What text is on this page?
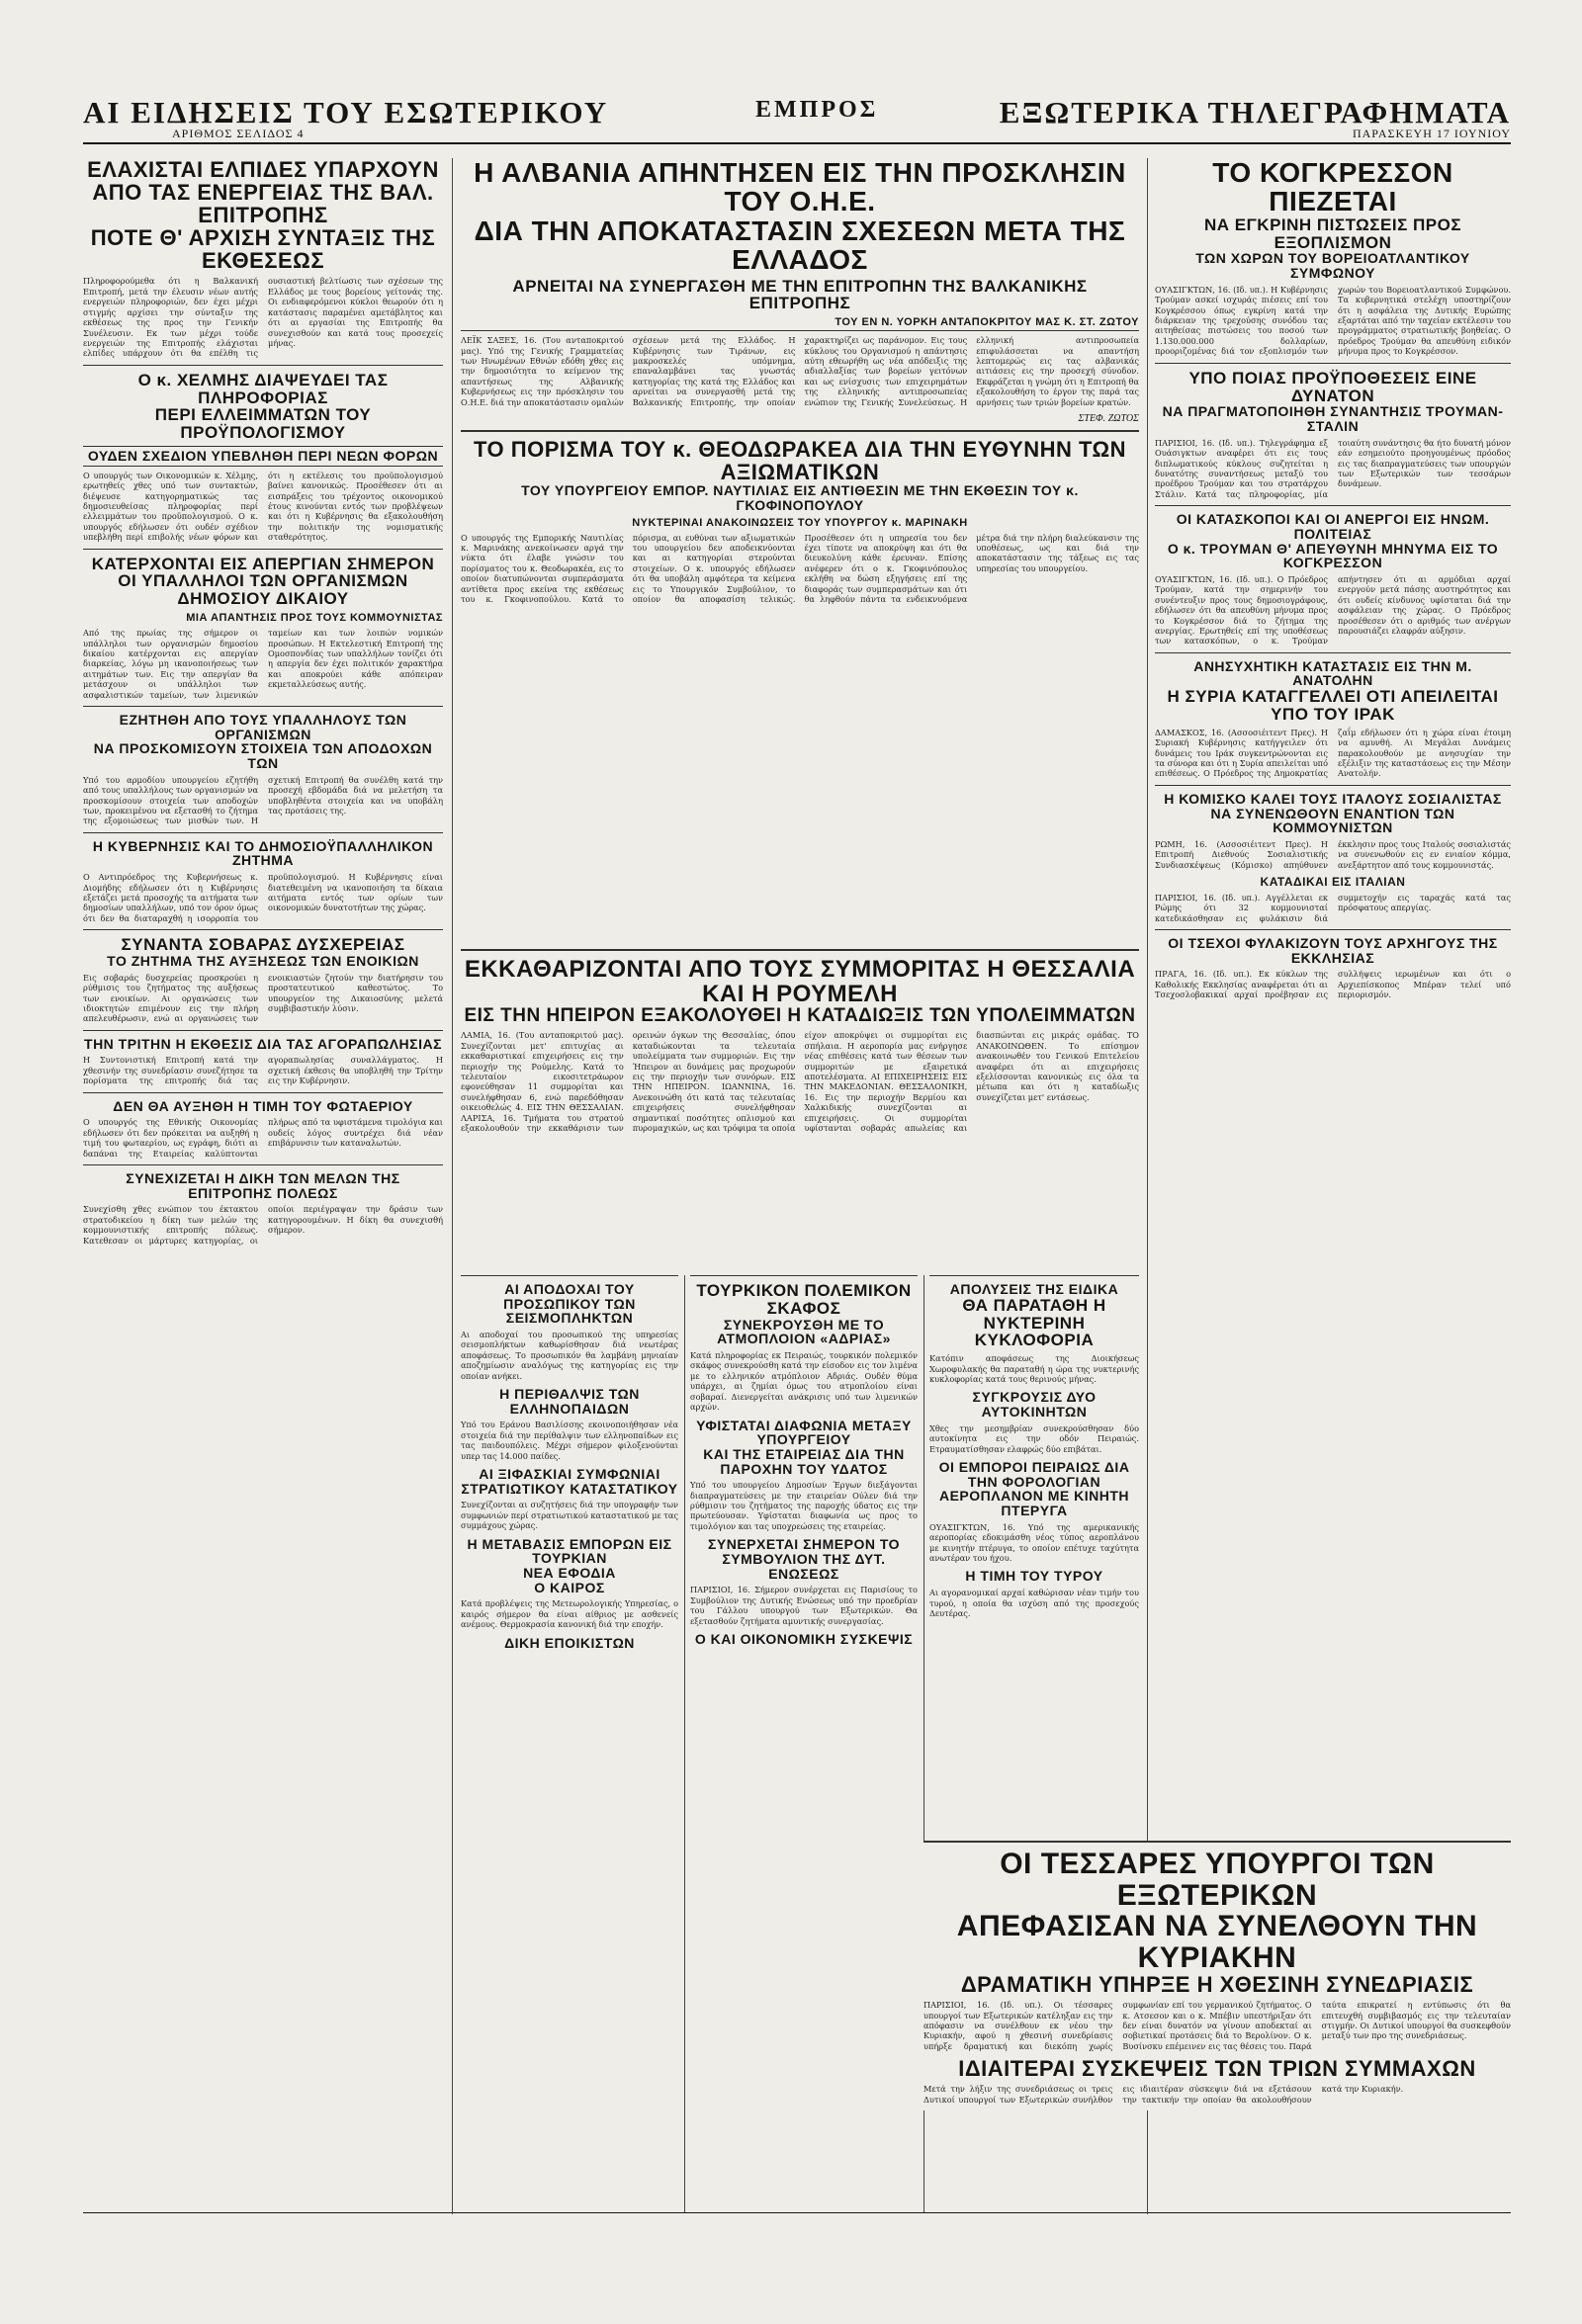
ΑΙ ΕΙΔΗΣΕΙΣ ΤΟΥ ΕΣΩΤΕΡΙΚΟΥ
ΑΡΙΘΜΟΣ ΣΕΛΙΔΟΣ 4
ΕΜΠΡΟΣ	ΕΞΩΤΕΡΙΚΑ ΤΗΛΕΓΡΑΦΗΜΑΤΑ
ΠΑΡΑΣΚΕΥΗ 17 ΙΟΥΝΙΟΥ

ΕΛΑΧΙΣΤΑΙ ΕΛΠΙΔΕΣ ΥΠΑΡΧΟΥΝ

ΑΠΟ ΤΑΣ ΕΝΕΡΓΕΙΑΣ ΤΗΣ ΒΑΛ. ΕΠΙΤΡΟΠΗΣ

ΠΟΤΕ Θ' ΑΡΧΙΣΗ ΣΥΝΤΑΞΙΣ ΤΗΣ ΕΚΘΕΣΕΩΣ

Πληροφορούμεθα ότι η Βαλκανική Επιτροπή, μετά την έλευσιν νέων αυτής ενεργειών πληροφοριών, δεν έχει μέχρι στιγμής αρχίσει την σύνταξιν της εκθέσεως της προς την Γενικήν Συνέλευσιν. Εκ των μέχρι τούδε ενεργειών της Επιτροπής ελάχισται ελπίδες υπάρχουν ότι θα επέλθη τις ουσιαστική βελτίωσις των σχέσεων της Ελλάδος με τους βορείους γείτονάς της. Οι ενδιαφερόμενοι κύκλοι θεωρούν ότι η κατάστασις παραμένει αμετάβλητος και ότι αι εργασίαι της Επιτροπής θα συνεχισθούν και κατά τους προσεχείς μήνας.

Ο κ. ΧΕΛΜΗΣ ΔΙΑΨΕΥΔΕΙ ΤΑΣ ΠΛΗΡΟΦΟΡΙΑΣ

ΠΕΡΙ ΕΛΛΕΙΜΜΑΤΩΝ ΤΟΥ ΠΡΟΫΠΟΛΟΓΙΣΜΟΥ

ΟΥΔΕΝ ΣΧΕΔΙΟΝ ΥΠΕΒΛΗΘΗ ΠΕΡΙ ΝΕΩΝ ΦΟΡΩΝ

Ο υπουργός των Οικονομικών κ. Χέλμης, ερωτηθείς χθες υπό των συντακτών, διέψευσε κατηγορηματικώς τας δημοσιευθείσας πληροφορίας περί ελλειμμάτων του προϋπολογισμού. Ο κ. υπουργός εδήλωσεν ότι ουδέν σχέδιον υπεβλήθη περί επιβολής νέων φόρων και ότι η εκτέλεσις του προϋπολογισμού βαίνει κανονικώς. Προσέθεσεν ότι αι εισπράξεις του τρέχοντος οικονομικού έτους κινούνται εντός των προβλέψεων και ότι η Κυβέρνησις θα εξακολουθήση την πολιτικήν της νομισματικής σταθερότητος.

ΚΑΤΕΡΧΟΝΤΑΙ ΕΙΣ ΑΠΕΡΓΙΑΝ ΣΗΜΕΡΟΝ

ΟΙ ΥΠΑΛΛΗΛΟΙ ΤΩΝ ΟΡΓΑΝΙΣΜΩΝ ΔΗΜΟΣΙΟΥ ΔΙΚΑΙΟΥ

ΜΙΑ ΑΠΑΝΤΗΣΙΣ ΠΡΟΣ ΤΟΥΣ ΚΟΜΜΟΥΝΙΣΤΑΣ
Από της πρωίας της σήμερον οι υπάλληλοι των οργανισμών δημοσίου δικαίου κατέρχονται εις απεργίαν διαρκείας, λόγω μη ικανοποιήσεως των αιτημάτων των. Εις την απεργίαν θα μετάσχουν οι υπάλληλοι των ασφαλιστικών ταμείων, των λιμενικών ταμείων και των λοιπών νομικών προσώπων. Η Εκτελεστική Επιτροπή της Ομοσπονδίας των υπαλλήλων τονίζει ότι η απεργία δεν έχει πολιτικόν χαρακτήρα και αποκρούει κάθε απόπειραν εκμεταλλεύσεως αυτής.

ΕΖΗΤΗΘΗ ΑΠΟ ΤΟΥΣ ΥΠΑΛΛΗΛΟΥΣ ΤΩΝ ΟΡΓΑΝΙΣΜΩΝ

ΝΑ ΠΡΟΣΚΟΜΙΣΟΥΝ ΣΤΟΙΧΕΙΑ ΤΩΝ ΑΠΟΔΟΧΩΝ ΤΩΝ

Υπό του αρμοδίου υπουργείου εζητήθη από τους υπαλλήλους των οργανισμών να προσκομίσουν στοιχεία των αποδοχών των, προκειμένου να εξετασθή το ζήτημα της εξομοιώσεως των μισθών των. Η σχετική Επιτροπή θα συνέλθη κατά την προσεχή εβδομάδα διά να μελετήση τα υποβληθέντα στοιχεία και να υποβάλη τας προτάσεις της.

Η ΚΥΒΕΡΝΗΣΙΣ ΚΑΙ ΤΟ ΔΗΜΟΣΙΟΫΠΑΛΛΗΛΙΚΟΝ ΖΗΤΗΜΑ

Ο Αντιπρόεδρος της Κυβερνήσεως κ. Διομήδης εδήλωσεν ότι η Κυβέρνησις εξετάζει μετά προσοχής τα αιτήματα των δημοσίων υπαλλήλων, υπό τον όρον όμως ότι δεν θα διαταραχθή η ισορροπία του προϋπολογισμού. Η Κυβέρνησις είναι διατεθειμένη να ικανοποιήση τα δίκαια αιτήματα εντός των ορίων των οικονομικών δυνατοτήτων της χώρας.

ΣΥΝΑΝΤΑ ΣΟΒΑΡΑΣ ΔΥΣΧΕΡΕΙΑΣ

ΤΟ ΖΗΤΗΜΑ ΤΗΣ ΑΥΞΗΣΕΩΣ ΤΩΝ ΕΝΟΙΚΙΩΝ

Εις σοβαράς δυσχερείας προσκρούει η ρύθμισις του ζητήματος της αυξήσεως των ενοικίων. Αι οργανώσεις των ιδιοκτητών επιμένουν εις την πλήρη απελευθέρωσιν, ενώ αι οργανώσεις των ενοικιαστών ζητούν την διατήρησιν του προστατευτικού καθεστώτος. Το υπουργείον της Δικαιοσύνης μελετά συμβιβαστικήν λύσιν.

ΤΗΝ ΤΡΙΤΗΝ Η ΕΚΘΕΣΙΣ ΔΙΑ ΤΑΣ ΑΓΟΡΑΠΩΛΗΣΙΑΣ

Η Συντονιστική Επιτροπή κατά την χθεσινήν της συνεδρίασιν συνεζήτησε τα πορίσματα της επιτροπής διά τας αγοραπωλησίας συναλλάγματος. Η σχετική έκθεσις θα υποβληθή την Τρίτην εις την Κυβέρνησιν.

ΔΕΝ ΘΑ ΑΥΞΗΘΗ Η ΤΙΜΗ ΤΟΥ ΦΩΤΑΕΡΙΟΥ

Ο υπουργός της Εθνικής Οικονομίας εδήλωσεν ότι δεν πρόκειται να αυξηθή η τιμή του φωταερίου, ως εγράφη, διότι αι δαπάναι της Εταιρείας καλύπτονται πλήρως από τα υφιστάμενα τιμολόγια και ουδείς λόγος συντρέχει διά νέαν επιβάρυνσιν των καταναλωτών.

ΣΥΝΕΧΙΖΕΤΑΙ Η ΔΙΚΗ ΤΩΝ ΜΕΛΩΝ ΤΗΣ ΕΠΙΤΡΟΠΗΣ ΠΟΛΕΩΣ

Συνεχίσθη χθες ενώπιον του έκτακτου στρατοδικείου η δίκη των μελών της κομμουνιστικής επιτροπής πόλεως. Κατεθεσαν οι μάρτυρες κατηγορίας, οι οποίοι περιέγραψαν την δράσιν των κατηγορουμένων. Η δίκη θα συνεχισθή σήμερον.

Η ΑΛΒΑΝΙΑ ΑΠΗΝΤΗΣΕΝ ΕΙΣ ΤΗΝ ΠΡΟΣΚΛΗΣΙΝ ΤΟΥ Ο.Η.Ε.

ΔΙΑ ΤΗΝ ΑΠΟΚΑΤΑΣΤΑΣΙΝ ΣΧΕΣΕΩΝ ΜΕΤΑ ΤΗΣ ΕΛΛΑΔΟΣ

ΑΡΝΕΙΤΑΙ ΝΑ ΣΥΝΕΡΓΑΣΘΗ ΜΕ ΤΗΝ ΕΠΙΤΡΟΠΗΝ ΤΗΣ ΒΑΛΚΑΝΙΚΗΣ ΕΠΙΤΡΟΠΗΣ

ΤΟΥ ΕΝ Ν. ΥΟΡΚΗ ΑΝΤΑΠΟΚΡΙΤΟΥ ΜΑΣ Κ. ΣΤ. ΖΩΤΟΥ
ΛΕΪΚ ΣΑΞΕΣ, 16. (Του ανταποκριτού μας). Υπό της Γενικής Γραμματείας των Ηνωμένων Εθνών εδόθη χθες εις την δημοσιότητα το κείμενον της απαντήσεως της Αλβανικής Κυβερνήσεως εις την πρόσκλησιν του Ο.Η.Ε. διά την αποκατάστασιν ομαλών σχέσεων μετά της Ελλάδος. Η Κυβέρνησις των Τιράνων, εις μακροσκελές υπόμνημα, επαναλαμβάνει τας γνωστάς κατηγορίας της κατά της Ελλάδος και αρνείται να συνεργασθή μετά της Βαλκανικής Επιτροπής, την οποίαν χαρακτηρίζει ως παράνομον. Εις τους κύκλους του Οργανισμού η απάντησις αύτη εθεωρήθη ως νέα απόδειξις της αδιαλλαξίας των βορείων γειτόνων και ως ενίσχυσις των επιχειρημάτων της ελληνικής αντιπροσωπείας ενώπιον της Γενικής Συνελεύσεως. Η ελληνική αντιπροσωπεία επιφυλάσσεται να απαντήση λεπτομερώς εις τας αλβανικάς αιτιάσεις εις την προσεχή σύνοδον. Εκφράζεται η γνώμη ότι η Επιτροπή θα εξακολουθήση το έργον της παρά τας αρνήσεις των τριών βορείων κρατών.
ΣΤΕΦ. ΖΩΤΟΣ

ΤΟ ΠΟΡΙΣΜΑ ΤΟΥ κ. ΘΕΟΔΩΡΑΚΕΑ ΔΙΑ ΤΗΝ ΕΥΘΥΝΗΝ ΤΩΝ ΑΞΙΩΜΑΤΙΚΩΝ

ΤΟΥ ΥΠΟΥΡΓΕΙΟΥ ΕΜΠΟΡ. ΝΑΥΤΙΛΙΑΣ ΕΙΣ ΑΝΤΙΘΕΣΙΝ ΜΕ ΤΗΝ ΕΚΘΕΣΙΝ ΤΟΥ κ. ΓΚΟΦΙΝΟΠΟΥΛΟΥ

ΝΥΚΤΕΡΙΝΑΙ ΑΝΑΚΟΙΝΩΣΕΙΣ ΤΟΥ ΥΠΟΥΡΓΟΥ κ. ΜΑΡΙΝΑΚΗ
Ο υπουργός της Εμπορικής Ναυτιλίας κ. Μαρινάκης ανεκοίνωσεν αργά την νύκτα ότι έλαβε γνώσιν του πορίσματος του κ. Θεοδωρακέα, εις το οποίον διατυπώνονται συμπεράσματα αντίθετα προς εκείνα της εκθέσεως του κ. Γκοφινοπούλου. Κατά το πόρισμα, αι ευθύναι των αξιωματικών του υπουργείου δεν αποδεικνύονται και αι κατηγορίαι στερούνται στοιχείων. Ο κ. υπουργός εδήλωσεν ότι θα υποβάλη αμφότερα τα κείμενα εις το Υπουργικόν Συμβούλιον, το οποίον θα αποφασίση τελικώς. Προσέθεσεν ότι η υπηρεσία του δεν έχει τίποτε να αποκρύψη και ότι θα διευκολύνη κάθε έρευναν. Επίσης ανέφερεν ότι ο κ. Γκοφινόπουλος εκλήθη να δώση εξηγήσεις επί της διαφοράς των συμπερασμάτων και ότι θα ληφθούν πάντα τα ενδεικνυόμενα μέτρα διά την πλήρη διαλεύκανσιν της υποθέσεως, ως και διά την αποκατάστασιν της τάξεως εις τας υπηρεσίας του υπουργείου.

ΕΚΚΑΘΑΡΙΖΟΝΤΑΙ ΑΠΟ ΤΟΥΣ ΣΥΜΜΟΡΙΤΑΣ Η ΘΕΣΣΑΛΙΑ ΚΑΙ Η ΡΟΥΜΕΛΗ

ΕΙΣ ΤΗΝ ΗΠΕΙΡΟΝ ΕΞΑΚΟΛΟΥΘΕΙ Η ΚΑΤΑΔΙΩΞΙΣ ΤΩΝ ΥΠΟΛΕΙΜΜΑΤΩΝ

ΛΑΜΙΑ, 16. (Του ανταποκριτού μας). Συνεχίζονται μετ' επιτυχίας αι εκκαθαριστικαί επιχειρήσεις εις την περιοχήν της Ρούμελης. Κατά το τελευταίον εικοσιτετράωρον εφονεύθησαν 11 συμμορίται και συνελήφθησαν 6, ενώ παρεδόθησαν οικειοθελώς 4. ΕΙΣ ΤΗΝ ΘΕΣΣΑΛΙΑΝ. ΛΑΡΙΣΑ, 16. Τμήματα του στρατού εξακολουθούν την εκκαθάρισιν των ορεινών όγκων της Θεσσαλίας, όπου καταδιώκονται τα τελευταία υπολείμματα των συμμοριών. Εις την Ήπειρον αι δυνάμεις μας προχωρούν εις την περιοχήν των συνόρων. ΕΙΣ ΤΗΝ ΗΠΕΙΡΟΝ. ΙΩΑΝΝΙΝΑ, 16. Ανεκοινώθη ότι κατά τας τελευταίας επιχειρήσεις συνελήφθησαν σημαντικαί ποσότητες οπλισμού και πυρομαχικών, ως και τρόφιμα τα οποία είχον αποκρύψει οι συμμορίται εις σπήλαια. Η αεροπορία μας ενήργησε νέας επιθέσεις κατά των θέσεων των συμμοριτών με εξαιρετικά αποτελέσματα. ΑΙ ΕΠΙΧΕΙΡΗΣΕΙΣ ΕΙΣ ΤΗΝ ΜΑΚΕΔΟΝΙΑΝ. ΘΕΣΣΑΛΟΝΙΚΗ, 16. Εις την περιοχήν Βερμίου και Χαλκιδικής συνεχίζονται αι επιχειρήσεις. Οι συμμορίται υφίστανται σοβαράς απωλείας και διασπώνται εις μικράς ομάδας. ΤΟ ΑΝΑΚΟΙΝΩΘΕΝ. Το επίσημον ανακοινωθέν του Γενικού Επιτελείου αναφέρει ότι αι επιχειρήσεις εξελίσσονται κανονικώς εις όλα τα μέτωπα και ότι η καταδίωξις συνεχίζεται μετ' εντάσεως.

ΑΙ ΑΠΟΔΟΧΑΙ ΤΟΥ ΠΡΟΣΩΠΙΚΟΥ ΤΩΝ ΣΕΙΣΜΟΠΛΗΚΤΩΝ

Αι αποδοχαί του προσωπικού της υπηρεσίας σεισμοπλήκτων καθωρίσθησαν διά νεωτέρας αποφάσεως. Το προσωπικόν θα λαμβάνη μηνιαίαν αποζημίωσιν αναλόγως της κατηγορίας εις την οποίαν ανήκει.

Η ΠΕΡΙΘΑΛΨΙΣ ΤΩΝ ΕΛΛΗΝΟΠΑΙΔΩΝ

Υπό του Εράνου Βασιλίσσης εκοινοποιήθησαν νέα στοιχεία διά την περίθαλψιν των ελληνοπαίδων εις τας παιδουπόλεις. Μέχρι σήμερον φιλοξενούνται υπερ τας 14.000 παίδες.

ΑΙ ΞΙΦΑΣΚΙΑΙ ΣΥΜΦΩΝΙΑΙ ΣΤΡΑΤΙΩΤΙΚΟΥ ΚΑΤΑΣΤΑΤΙΚΟΥ

Συνεχίζονται αι συζητήσεις διά την υπογραφήν των συμφωνιών περί στρατιωτικού καταστατικού με τας συμμάχους χώρας.

Η ΜΕΤΑΒΑΣΙΣ ΕΜΠΟΡΩΝ ΕΙΣ ΤΟΥΡΚΙΑΝ

ΝΕΑ ΕΦΟΔΙΑ

Ο ΚΑΙΡΟΣ

Κατά προβλέψεις της Μετεωρολογικής Υπηρεσίας, ο καιρός σήμερον θα είναι αίθριος με ασθενείς ανέμους. Θερμοκρασία κανονική διά την εποχήν.

ΔΙΚΗ ΕΠΟΙΚΙΣΤΩΝ

ΤΟΥΡΚΙΚΟΝ ΠΟΛΕΜΙΚΟΝ ΣΚΑΦΟΣ

ΣΥΝΕΚΡΟΥΣΘΗ ΜΕ ΤΟ ΑΤΜΟΠΛΟΙΟΝ «ΑΔΡΙΑΣ»

Κατά πληροφορίας εκ Πειραιώς, τουρκικόν πολεμικόν σκάφος συνεκρούσθη κατά την είσοδον εις τον λιμένα με το ελληνικόν ατμόπλοιον Αδριάς. Ουδέν θύμα υπάρχει, αι ζημίαι όμως του ατμοπλοίου είναι σοβαραί. Διενεργείται ανάκρισις υπό των λιμενικών αρχών.

ΥΦΙΣΤΑΤΑΙ ΔΙΑΦΩΝΙΑ ΜΕΤΑΞΥ ΥΠΟΥΡΓΕΙΟΥ

ΚΑΙ ΤΗΣ ΕΤΑΙΡΕΙΑΣ ΔΙΑ ΤΗΝ ΠΑΡΟΧΗΝ ΤΟΥ ΥΔΑΤΟΣ

Υπό του υπουργείου Δημοσίων Έργων διεξάγονται διαπραγματεύσεις με την εταιρείαν Ούλεν διά την ρύθμισιν του ζητήματος της παροχής ύδατος εις την πρωτεύουσαν. Υφίσταται διαφωνία ως προς το τιμολόγιον και τας υποχρεώσεις της εταιρείας.

ΣΥΝΕΡΧΕΤΑΙ ΣΗΜΕΡΟΝ ΤΟ ΣΥΜΒΟΥΛΙΟΝ ΤΗΣ ΔΥΤ. ΕΝΩΣΕΩΣ

ΠΑΡΙΣΙΟΙ, 16. Σήμερον συνέρχεται εις Παρισίους το Συμβούλιον της Δυτικής Ενώσεως υπό την προεδρίαν του Γάλλου υπουργού των Εξωτερικών. Θα εξετασθούν ζητήματα αμυντικής συνεργασίας.

Ο ΚΑΙ ΟΙΚΟΝΟΜΙΚΗ ΣΥΣΚΕΨΙΣ

ΑΠΟΛΥΣΕΙΣ ΤΗΣ ΕΙΔΙΚΑ

ΘΑ ΠΑΡΑΤΑΘΗ Η ΝΥΚΤΕΡΙΝΗ ΚΥΚΛΟΦΟΡΙΑ

Κατόπιν αποφάσεως της Διοικήσεως Χωροφυλακής θα παραταθή η ώρα της νυκτερινής κυκλοφορίας κατά τους θερινούς μήνας.

ΣΥΓΚΡΟΥΣΙΣ ΔΥΟ ΑΥΤΟΚΙΝΗΤΩΝ

Χθες την μεσημβρίαν συνεκρούσθησαν δύο αυτοκίνητα εις την οδόν Πειραιώς. Ετραυματίσθησαν ελαφρώς δύο επιβάται.

ΟΙ ΕΜΠΟΡΟΙ ΠΕΙΡΑΙΩΣ ΔΙΑ ΤΗΝ ΦΟΡΟΛΟΓΙΑΝ

ΑΕΡΟΠΛΑΝΟΝ ΜΕ ΚΙΝΗΤΗ ΠΤΕΡΥΓΑ

ΟΥΑΣΙΓΚΤΩΝ, 16. Υπό της αμερικανικής αεροπορίας εδοκιμάσθη νέος τύπος αεροπλάνου με κινητήν πτέρυγα, το οποίον επέτυχε ταχύτητα ανωτέραν του ήχου.

Η ΤΙΜΗ ΤΟΥ ΤΥΡΟΥ

Αι αγορανομικαί αρχαί καθώρισαν νέαν τιμήν του τυρού, η οποία θα ισχύση από της προσεχούς Δευτέρας.

ΤΟ ΚΟΓΚΡΕΣΣΟΝ ΠΙΕΖΕΤΑΙ

ΝΑ ΕΓΚΡΙΝΗ ΠΙΣΤΩΣΕΙΣ ΠΡΟΣ ΕΞΟΠΛΙΣΜΟΝ

ΤΩΝ ΧΩΡΩΝ ΤΟΥ ΒΟΡΕΙΟΑΤΛΑΝΤΙΚΟΥ ΣΥΜΦΩΝΟΥ

ΟΥΑΣΙΓΚΤΩΝ, 16. (Ιδ. υπ.). Η Κυβέρνησις Τρούμαν ασκεί ισχυράς πιέσεις επί του Κογκρέσσου όπως εγκρίνη κατά την διάρκειαν της τρεχούσης συνόδου τας αιτηθείσας πιστώσεις του ποσού των 1.130.000.000 δολλαρίων, προοριζομένας διά τον εξοπλισμόν των χωρών του Βορειοατλαντικού Συμφώνου. Τα κυβερνητικά στελέχη υποστηρίζουν ότι η ασφάλεια της Δυτικής Ευρώπης εξαρτάται από την ταχείαν εκτέλεσιν του προγράμματος στρατιωτικής βοηθείας. Ο πρόεδρος Τρούμαν θα απευθύνη ειδικόν μήνυμα προς το Κογκρέσσον.

ΥΠΟ ΠΟΙΑΣ ΠΡΟΫΠΟΘΕΣΕΙΣ ΕΙΝΕ ΔΥΝΑΤΟΝ

ΝΑ ΠΡΑΓΜΑΤΟΠΟΙΗΘΗ ΣΥΝΑΝΤΗΣΙΣ ΤΡΟΥΜΑΝ-ΣΤΑΛΙΝ

ΠΑΡΙΣΙΟΙ, 16. (Ιδ. υπ.). Τηλεγράφημα εξ Ουάσιγκτων αναφέρει ότι εις τους διπλωματικούς κύκλους συζητείται η δυνατότης συναντήσεως μεταξύ του προέδρου Τρούμαν και του στρατάρχου Στάλιν. Κατά τας πληροφορίας, μία τοιαύτη συνάντησις θα ήτο δυνατή μόνον εάν εσημειούτο προηγουμένως πρόοδος εις τας διαπραγματεύσεις των υπουργών των Εξωτερικών των τεσσάρων δυνάμεων.

ΟΙ ΚΑΤΑΣΚΟΠΟΙ ΚΑΙ ΟΙ ΑΝΕΡΓΟΙ ΕΙΣ ΗΝΩΜ. ΠΟΛΙΤΕΙΑΣ

Ο κ. ΤΡΟΥΜΑΝ Θ' ΑΠΕΥΘΥΝΗ ΜΗΝΥΜΑ ΕΙΣ ΤΟ ΚΟΓΚΡΕΣΣΟΝ

ΟΥΑΣΙΓΚΤΩΝ, 16. (Ιδ. υπ.). Ο Πρόεδρος Τρούμαν, κατά την σημερινήν του συνέντευξιν προς τους δημοσιογράφους, εδήλωσεν ότι θα απευθύνη μήνυμα προς το Κογκρέσσον διά το ζήτημα της ανεργίας. Ερωτηθείς επί της υποθέσεως των κατασκόπων, ο κ. Τρούμαν απήντησεν ότι αι αρμόδιαι αρχαί ενεργούν μετά πάσης αυστηρότητος και ότι ουδείς κίνδυνος υφίσταται διά την ασφάλειαν της χώρας. Ο Πρόεδρος προσέθεσεν ότι ο αριθμός των ανέργων παρουσιάζει ελαφράν αύξησιν.

ΑΝΗΣΥΧΗΤΙΚΗ ΚΑΤΑΣΤΑΣΙΣ ΕΙΣ ΤΗΝ Μ. ΑΝΑΤΟΛΗΝ

Η ΣΥΡΙΑ ΚΑΤΑΓΓΕΛΛΕΙ ΟΤΙ ΑΠΕΙΛΕΙΤΑΙ ΥΠΟ ΤΟΥ ΙΡΑΚ

ΔΑΜΑΣΚΟΣ, 16. (Ασσοσιέιτεντ Πρες). Η Συριακή Κυβέρνησις κατήγγειλεν ότι δυνάμεις του Ιράκ συγκεντρώνονται εις τα σύνορα και ότι η Συρία απειλείται υπό επιθέσεως. Ο Πρόεδρος της Δημοκρατίας ζαΐμ εδήλωσεν ότι η χώρα είναι έτοιμη να αμυνθή. Αι Μεγάλαι Δυνάμεις παρακολουθούν με ανησυχίαν την εξέλιξιν της καταστάσεως εις την Μέσην Ανατολήν.

Η ΚΟΜΙΣΚΟ ΚΑΛΕΙ ΤΟΥΣ ΙΤΑΛΟΥΣ ΣΟΣΙΑΛΙΣΤΑΣ

ΝΑ ΣΥΝΕΝΩΘΟΥΝ ΕΝΑΝΤΙΟΝ ΤΩΝ ΚΟΜΜΟΥΝΙΣΤΩΝ

ΡΩΜΗ, 16. (Ασσοσιέιτεντ Πρες). Η Επιτροπή Διεθνούς Σοσιαλιστικής Συνδιασκέψεως (Κόμισκο) απηύθυνεν έκκλησιν προς τους Ιταλούς σοσιαλιστάς να συνενωθούν εις εν ενιαίον κόμμα, ανεξάρτητον από τους κομμουνιστάς.

ΚΑΤΑΔΙΚΑΙ ΕΙΣ ΙΤΑΛΙΑΝ

ΠΑΡΙΣΙΟΙ, 16. (Ιδ. υπ.). Αγγέλλεται εκ Ρώμης ότι 32 κομμουνισταί κατεδικάσθησαν εις φυλάκισιν διά συμμετοχήν εις ταραχάς κατά τας πρόσφατους απεργίας.

ΟΙ ΤΣΕΧΟΙ ΦΥΛΑΚΙΖΟΥΝ ΤΟΥΣ ΑΡΧΗΓΟΥΣ ΤΗΣ ΕΚΚΛΗΣΙΑΣ

ΠΡΑΓΑ, 16. (Ιδ. υπ.). Εκ κύκλων της Καθολικής Εκκλησίας αναφέρεται ότι αι Τσεχοσλοβακικαί αρχαί προέβησαν εις συλλήψεις ιερωμένων και ότι ο Αρχιεπίσκοπος Μπέραν τελεί υπό περιορισμόν.

ΟΙ ΤΕΣΣΑΡΕΣ ΥΠΟΥΡΓΟΙ ΤΩΝ ΕΞΩΤΕΡΙΚΩΝ

ΑΠΕΦΑΣΙΣΑΝ ΝΑ ΣΥΝΕΛΘΟΥΝ ΤΗΝ ΚΥΡΙΑΚΗΝ

ΔΡΑΜΑΤΙΚΗ ΥΠΗΡΞΕ Η ΧΘΕΣΙΝΗ ΣΥΝΕΔΡΙΑΣΙΣ

ΠΑΡΙΣΙΟΙ, 16. (Ιδ. υπ.). Οι τέσσαρες υπουργοί των Εξωτερικών κατέληξαν εις την απόφασιν να συνέλθουν εκ νέου την Κυριακήν, αφού η χθεσινή συνεδρίασις υπήρξε δραματική και διεκόπη χωρίς συμφωνίαν επί του γερμανικού ζητήματος. Ο κ. Ατσεσον και ο κ. Μπέβιν υπεστήριξαν ότι δεν είναι δυνατόν να γίνουν αποδεκταί αι σοβιετικαί προτάσεις διά το Βερολίνον. Ο κ. Βυσίνσκυ επέμεινεν εις τας θέσεις του. Παρά ταύτα επικρατεί η εντύπωσις ότι θα επιτευχθή συμβιβασμός εις την τελευταίαν στιγμήν. Οι Δυτικοί υπουργοί θα συσκεφθούν μεταξύ των προ της συνεδριάσεως.

ΙΔΙΑΙΤΕΡΑΙ ΣΥΣΚΕΨΕΙΣ ΤΩΝ ΤΡΙΩΝ ΣΥΜΜΑΧΩΝ

Μετά την λήξιν της συνεδριάσεως οι τρεις Δυτικοί υπουργοί των Εξωτερικών συνήλθον εις ιδιαιτέραν σύσκεψιν διά να εξετάσουν την τακτικήν την οποίαν θα ακολουθήσουν κατά την Κυριακήν.
